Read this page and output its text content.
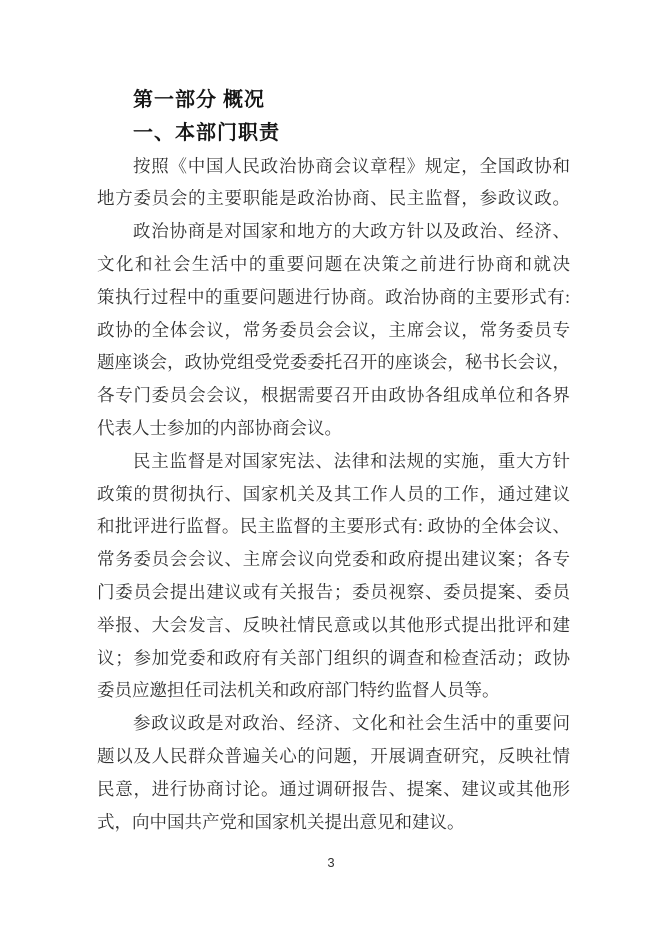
第一部分 概况
一、本部门职责
按照《中国人民政治协商会议章程》规定，全国政协和
地方委员会的主要职能是政治协商、民主监督，参政议政。
政治协商是对国家和地方的大政方针以及政治、经济、
文化和社会生活中的重要问题在决策之前进行协商和就决
策执行过程中的重要问题进行协商。政治协商的主要形式有:
政协的全体会议，常务委员会会议，主席会议，常务委员专
题座谈会，政协党组受党委委托召开的座谈会，秘书长会议，
各专门委员会会议，根据需要召开由政协各组成单位和各界
代表人士参加的内部协商会议。
民主监督是对国家宪法、法律和法规的实施，重大方针
政策的贯彻执行、国家机关及其工作人员的工作，通过建议
和批评进行监督。民主监督的主要形式有: 政协的全体会议、
常务委员会会议、主席会议向党委和政府提出建议案；各专
门委员会提出建议或有关报告；委员视察、委员提案、委员
举报、大会发言、反映社情民意或以其他形式提出批评和建
议；参加党委和政府有关部门组织的调查和检查活动；政协
委员应邀担任司法机关和政府部门特约监督人员等。
参政议政是对政治、经济、文化和社会生活中的重要问
题以及人民群众普遍关心的问题，开展调查研究，反映社情
民意，进行协商讨论。通过调研报告、提案、建议或其他形
式，向中国共产党和国家机关提出意见和建议。
3
